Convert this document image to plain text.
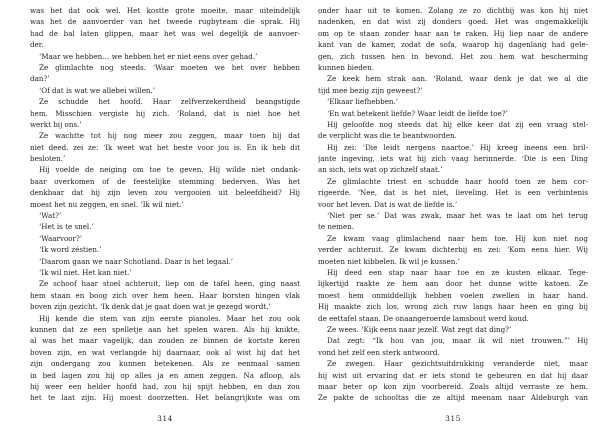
was het dat ook wel. Het kostte grote moeite, maar uiteindelijk
was het de aanvoerder van het tweede rugbyteam die sprak. Hij
had de bal laten glippen, maar het was wel degelijk de aanvoer-
der.
‘Maar we hebben… we hebben het er niet eens over gehad.’
Ze glimlachte nog steeds. ‘Waar moeten we het over hebben
dan?’
‘Of dat is wat we allebei willen.’
Ze schudde het hoofd. Haar zelfverzekerdheid beangstigde
hem. Misschien vergiste hij zich. ‘Roland, dat is niet hoe het
werkt bij ons.’
Ze wachtte tot hij nog meer zou zeggen, maar toen hij dat
niet deed, zei ze: ‘Ik weet wat het beste voor jou is. En ik heb dit
besloten.’
Hij voelde de neiging om toe te geven. Hij wilde niet ondank-
baar overkomen of de feestelijke stemming bederven. Was het
denkbaar dat hij zijn leven zou vergooien uit beleefdheid? Hij
moest het nu zeggen, en snel. ‘Ik wil niet.’
‘Wat?’
‘Het is te snel.’
‘Waarvoor?’
‘Ik word zéstien.’
‘Daarom gaan we naar Schotland. Daar is het legaal.’
‘Ik wil niet. Het kan niet.’
Ze schoof haar stoel achteruit, liep om de tafel heen, ging naast
hem staan en boog zich over hem heen. Haar borsten hingen vlak
boven zijn gezicht. ‘Ik denk dat je gaat doen wat je gezegd wordt.’
Hij kende die stem van zijn eerste pianoles. Maar het zou ook
kunnen dat ze een spelletje aan het spelen waren. Als hij knikte,
al was het maar vagelijk, dan zouden ze binnen de kortste keren
boven zijn, en wat verlangde hij daarnaar, ook al wist hij dat het
zijn ondergang zou kunnen betekenen. Als ze eenmaal samen
in bed lagen zou hij op alles ja en amen zeggen. Na afloop, als
hij weer een helder hoofd had, zou hij spijt hebben, en dan zou
het te laat zijn. Hij moest doorzetten. Het belangrijkste was om
314
onder haar uit te komen. Zolang ze zo dichtbij was kon hij niet
nadenken, en dat wist zij donders goed. Het was ongemakkelijk
om op te staan zonder haar aan te raken. Hij liep naar de andere
kant van de kamer, zodat de sofa, waarop hij dagenlang had gele-
gen, zich tussen hen in bevond. Het zou hem wat bescherming
kunnen bieden.
Ze keek hem strak aan. ‘Roland, waar denk je dat we al die
tijd mee bezig zijn geweest?’
‘Elkaar liefhebben.’
‘En wat betekent liefde? Waar leidt de liefde toe?’
Hij geloofde nog steeds dat hij elke keer dat zij een vraag stel-
de verplicht was die te beantwoorden.
Hij zei: ‘Die leidt nergens naartoe.’ Hij kreeg ineens een bril-
jante ingeving, iets wat hij zich vaag herinnerde. ‘Die is een Ding
an sich, iets wat op zichzelf staat.’
Ze glimlachte triest en schudde haar hoofd toen ze hem cor-
rigeerde. ‘Nee, dat is het niet, lieveling. Het is een verbintenis
voor het leven. Dat is wat de liefde is.’
‘Niet per se.’ Dat was zwak, maar het was te laat om het terug
te nemen.
Ze kwam vaag glimlachend naar hem toe. Hij kon niet nog
verder achteruit. Ze kwam dichterbij en zei: ‘Kom eens hier. Wij
moeten niet kibbelen. Ik wil je kussen.’
Hij deed een stap naar haar toe en ze kusten elkaar. Tege-
lijkertijd raakte ze hem aan door het dunne witte katoen. Ze
moest hem onmiddellijk hebben voelen zwellen in haar hand.
Hij maakte zich los, wrong zich ruw langs haar heen en ging bij
de eettafel staan. De onaangeroerde lamsbout werd koud.
Ze wees. ‘Kijk eens naar jezelf. Wat zegt dat ding?’
Dat zegt: “Ik hou van jou, maar ik wil niet trouwen.”’ Hij
vond het zelf een sterk antwoord.
Ze zwegen. Haar gezichtsuitdrukking veranderde niet, maar
hij wist uit ervaring dat er iets stond te gebeuren en dat hij daar
maar beter op kon zijn voorbereid. Zoals altijd verraste ze hem.
Ze pakte de schooltas die ze altijd meenam naar Aldeburgh van
315
